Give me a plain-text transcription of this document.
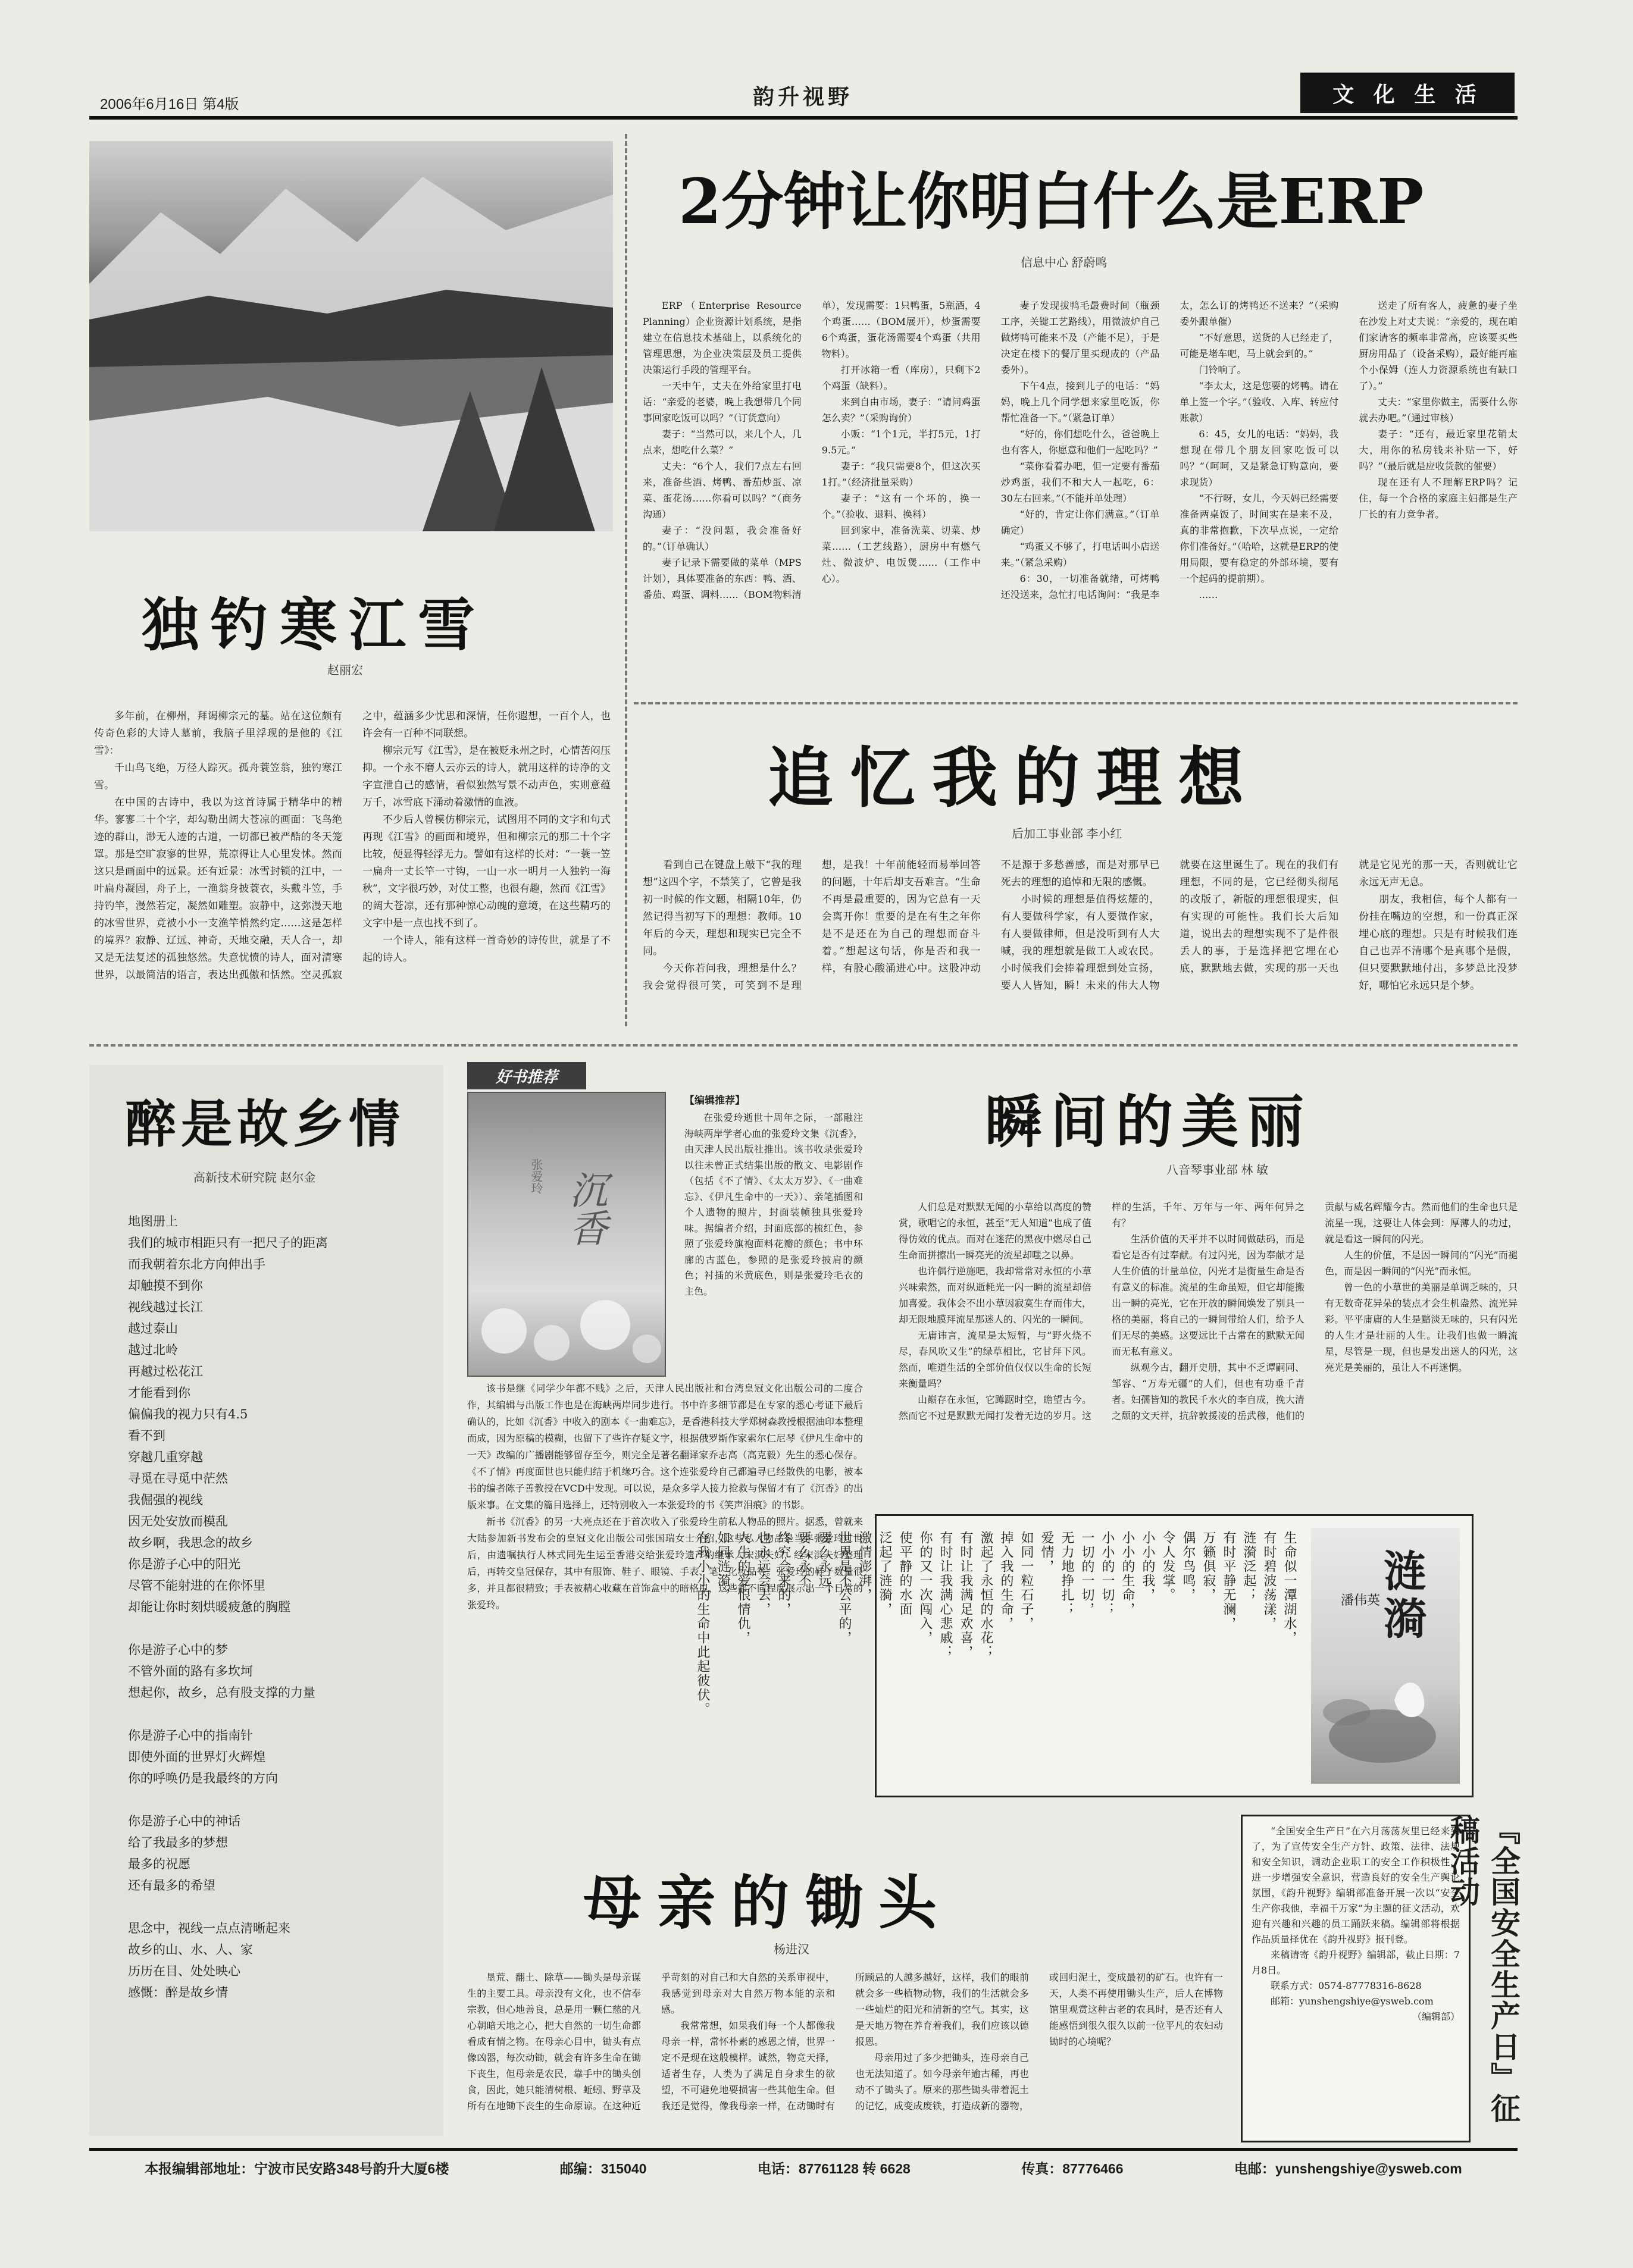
2006年6月16日 第4版	韵升视野	文 化 生 活
独钓寒江雪
赵丽宏

多年前，在柳州，拜谒柳宗元的墓。站在这位颇有传奇色彩的大诗人墓前，我脑子里浮现的是他的《江雪》：

千山鸟飞绝，万径人踪灭。孤舟蓑笠翁，独钓寒江雪。

在中国的古诗中，我以为这首诗属于精华中的精华。寥寥二十个字，却勾勒出阔大苍凉的画面：飞鸟绝迹的群山，渺无人迹的古道，一切都已被严酷的冬天笼罩。那是空旷寂寥的世界，荒凉得让人心里发怵。然而这只是画面中的远景。还有近景：冰雪封锁的江中，一叶扁舟凝固，舟子上，一渔翁身披蓑衣，头戴斗笠，手持钓竿，漫然若定，凝然如雕塑。寂静中，这弥漫天地的冰雪世界，竟被小小一支渔竿悄然约定……这是怎样的境界？寂静、辽远、神奇，天地交融，天人合一，却又是无法复述的孤独悠然。失意忧愤的诗人，面对清寒世界，以最简洁的语言，表达出孤傲和恬然。空灵孤寂之中，蕴涵多少忧思和深情，任你遐想，一百个人，也许会有一百种不同联想。

柳宗元写《江雪》，是在被贬永州之时，心情苦闷压抑。一个永不磨人云亦云的诗人，就用这样的诗净的文字宣泄自己的感情，看似独然写景不动声色，实则意蕴万千，冰雪底下涌动着激情的血液。

不少后人曾模仿柳宗元，试图用不同的文字和句式再现《江雪》的画面和境界，但和柳宗元的那二十个字比较，便显得轻浮无力。譬如有这样的长对：“一蓑一笠一扁舟一丈长竿一寸钩，一山一水一明月一人独钓一海秋”，文字很巧妙，对仗工整，也很有趣，然而《江雪》的阔大苍凉，还有那种惊心动魄的意境，在这些精巧的文字中是一点也找不到了。

一个诗人，能有这样一首奇妙的诗传世，就是了不起的诗人。

2分钟让你明白什么是ERP
信息中心 舒蔚鸣

ERP（Enterprise Resource Planning）企业资源计划系统，是指建立在信息技术基础上，以系统化的管理思想，为企业决策层及员工提供决策运行手段的管理平台。

一天中午，丈夫在外给家里打电话：“亲爱的老婆，晚上我想带几个同事回家吃饭可以吗？”（订货意向）

妻子：“当然可以，来几个人，几点来，想吃什么菜？”

丈夫：“6个人，我们7点左右回来，准备些酒、烤鸭、番茄炒蛋、凉菜、蛋花汤……你看可以吗？”（商务沟通）

妻子：“没问题，我会准备好的。”（订单确认）

妻子记录下需要做的菜单（MPS计划），具体要准备的东西：鸭、酒、番茄、鸡蛋、调料……（BOM物料清单），发现需要：1只鸭蛋，5瓶酒，4个鸡蛋……（BOM展开），炒蛋需要6个鸡蛋，蛋花汤需要4个鸡蛋（共用物料）。

打开冰箱一看（库房），只剩下2个鸡蛋（缺料）。

来到自由市场，妻子：“请问鸡蛋怎么卖？”（采购询价）

小贩：“1个1元，半打5元，1打9.5元。”

妻子：“我只需要8个，但这次买1打。”（经济批量采购）

妻子：“这有一个坏的，换一个。”（验收、退料、换料）

回到家中，准备洗菜、切菜、炒菜……（工艺线路），厨房中有燃气灶、微波炉、电饭煲……（工作中心）。

妻子发现拔鸭毛最费时间（瓶颈工序，关键工艺路线），用微波炉自己做烤鸭可能来不及（产能不足），于是决定在楼下的餐厅里买现成的（产品委外）。

下午4点，接到儿子的电话：“妈妈，晚上几个同学想来家里吃饭，你帮忙准备一下。”（紧急订单）

“好的，你们想吃什么，爸爸晚上也有客人，你愿意和他们一起吃吗？”

“菜你看着办吧，但一定要有番茄炒鸡蛋，我们不和大人一起吃，6：30左右回来。”（不能并单处理）

“好的，肯定让你们满意。”（订单确定）

“鸡蛋又不够了，打电话叫小店送来。”（紧急采购）

6：30，一切准备就绪，可烤鸭还没送来，急忙打电话询问：“我是李太，怎么订的烤鸭还不送来？”（采购委外跟单催）

“不好意思，送货的人已经走了，可能是堵车吧，马上就会到的。”

门铃响了。

“李太太，这是您要的烤鸭。请在单上签一个字。”（验收、入库、转应付账款）

6：45，女儿的电话：“妈妈，我想现在带几个朋友回家吃饭可以吗？”（呵呵，又是紧急订购意向，要求现货）

“不行呀，女儿，今天妈已经需要准备两桌饭了，时间实在是来不及，真的非常抱歉，下次早点说，一定给你们准备好。”（哈哈，这就是ERP的使用局限，要有稳定的外部环境，要有一个起码的提前期）。

……

送走了所有客人，疲惫的妻子坐在沙发上对丈夫说：“亲爱的，现在咱们家请客的频率非常高，应该要买些厨房用品了（设备采购），最好能再雇个小保姆（连人力资源系统也有缺口了）。”

丈夫：“家里你做主，需要什么你就去办吧。”（通过审核）

妻子：“还有，最近家里花销太大，用你的私房钱来补贴一下，好吗？”（最后就是应收货款的催要）

现在还有人不理解ERP吗？记住，每一个合格的家庭主妇都是生产厂长的有力竞争者。

追忆我的理想
后加工事业部 李小红

看到自己在键盘上敲下“我的理想”这四个字，不禁笑了，它曾是我初一时候的作文题，相隔10年，仍然记得当初写下的理想：教师。10年后的今天，理想和现实已完全不同。

今天你若问我，理想是什么？我会觉得很可笑，可笑到不是理想，是我！十年前能轻而易举回答的问题，十年后却支吾难言。“生命不再是最重要的，因为它总有一天会离开你！重要的是在有生之年你是不是还在为自己的理想而奋斗着。”想起这句话，你是否和我一样，有股心酸涌进心中。这股冲动不是源于多愁善感，而是对那早已死去的理想的追悼和无限的感慨。

小时候的理想是值得炫耀的，有人要做科学家，有人要做作家，有人要做律师，但是没听到有人大喊，我的理想就是做工人或农民。小时候我们会捧着理想到处宣扬，要人人皆知，瞬！未来的伟大人物就要在这里诞生了。现在的我们有理想，不同的是，它已经彻头彻尾的改版了，新版的理想很现实，但有实现的可能性。我们长大后知道，说出去的理想实现不了是件很丢人的事，于是选择把它埋在心底，默默地去做，实现的那一天也就是它见光的那一天，否则就让它永远无声无息。

朋友，我相信，每个人都有一份挂在嘴边的空想，和一份真正深埋心底的理想。只是有时候我们连自己也弄不清哪个是真哪个是假，但只要默默地付出，多梦总比没梦好，哪怕它永远只是个梦。

醉是故乡情
高新技术研究院 赵尔金
地图册上
我们的城市相距只有一把尺子的距离
而我朝着东北方向伸出手
却触摸不到你
视线越过长江
越过泰山
越过北岭
再越过松花江
才能看到你
偏偏我的视力只有4.5
看不到
穿越几重穿越
寻觅在寻觅中茫然
我倔强的视线
因无处安放而模乱
故乡啊，我思念的故乡
你是游子心中的阳光
尽管不能射进的在你怀里
却能让你时刻烘暖疲惫的胸膛
你是游子心中的梦
不管外面的路有多坎坷
想起你，故乡，总有股支撑的力量
你是游子心中的指南针
即使外面的世界灯火辉煌
你的呼唤仍是我最终的方向
你是游子心中的神话
给了我最多的梦想
最多的祝愿
还有最多的希望
思念中，视线一点点清晰起来
故乡的山、水、人、家
历历在目、处处映心
感慨：醉是故乡情
好书推荐
沉香
张爱玲
【编辑推荐】

在张爱玲逝世十周年之际，一部融注海峡两岸学者心血的张爱玲文集《沉香》，由天津人民出版社推出。该书收录张爱玲以往未曾正式结集出版的散文、电影剧作（包括《不了情》、《太太万岁》、《一曲难忘》、《伊凡生命中的一天》）、亲笔插图和个人遗物的照片，封面装帧独具张爱玲味。据编者介绍，封面底部的梳红色，参照了张爱玲旗袍面料花瓣的颜色；书中环廊的古蓝色，参照的是张爱玲披肩的颜色；衬插的米黄底色，则是张爱玲毛衣的主色。

该书是继《同学少年都不贱》之后，天津人民出版社和台湾皇冠文化出版公司的二度合作，其编辑与出版工作也是在海峡两岸同步进行。书中许多细节都是在专家的悉心考证下最后确认的，比如《沉香》中收入的剧本《一曲难忘》，是香港科技大学郑树森教授根据油印本整理而成，因为原稿的模糊，也留下了些许存疑文字，根据俄罗斯作家索尔仁尼琴《伊凡生命中的一天》改编的广播剧能够留存至今，则完全是著名翻译家乔志高（高克毅）先生的悉心保存。《不了情》再度面世也只能归结于机缘巧合。这个连张爱玲自己都遍寻已经散佚的电影，被本书的编者陈子善教授在VCD中发现。可以说，是众多学人接力抢救与保留才有了《沉香》的出版来事。在文集的篇目选择上，还特别收入一本张爱玲的书《笑声泪痕》的书影。

新书《沉香》的另一大亮点还在于首次收入了张爱玲生前私人物品的照片。据悉，曾就来大陆参加新书发布会的皇冠文化出版公司张国瑞女士介绍，这些私人物品是当年张爱玲过世后，由遗嘱执行人林式同先生运至香港交给张爱玲遗产的继承人宋淇夫妇，经宋淇夫妇整理后，再转交皇冠保存，其中有服饰、鞋子、眼镜、手表、笔、化妆品等。张爱玲的鞋子数量很多，并且都很精致；手表被精心收藏在首饰盒中的暗格里，这些都不同程度展示出一个日常的张爱玲。

瞬间的美丽
八音琴事业部 林 敏

人们总是对默默无闻的小草给以高度的赞赏，歌唱它的永恒，甚至“无人知道”也成了值得仿效的优点。而对在迷茫的黑夜中燃尽自己生命而拼擦出一瞬亮光的流星却嗤之以鼻。

也许偶行逆施吧，我却常常对永恒的小草兴味索然，而对纵逝耗光一闪一瞬的流星却倍加喜爱。我体会不出小草因寂寞生存而伟大，却无限地膜拜流星那迷人的、闪光的一瞬间。

无庸讳言，流星是太短暂，与“野火烧不尽，春风吹又生”的绿草相比，它甘拜下风。然而，唯道生活的全部价值仅仅以生命的长短来衡量吗？

山巅存在永恒，它蹲踞时空，瞻望古今。然而它不过是默默无闻打发着无边的岁月。这样的生活，千年、万年与一年、两年何异之有？

生活价值的天平并不以时间做砝码，而是看它是否有过奉献。有过闪光，因为奉献才是人生价值的计量单位，闪光才是衡量生命是否有意义的标准。流星的生命虽短，但它却能搬出一瞬的亮光，它在开放的瞬间焕发了别具一格的美丽，将自己的一瞬间带给人们，给予人们无尽的美感。这要远比千古常在的默默无闻而无私有意义。

纵观今古，翻开史册，其中不乏谭嗣同、邹容、“万寿无疆”的人们，但也有功垂千青者。妇孺皆知的教民千水火的李自成，挽大清之颓的文天祥，抗辞敦援凌的岳武穆，他们的贡献与威名辉耀今古。然而他们的生命也只是流星一现，这要让人体会到：厚薄人的功过，就是看这一瞬间的闪光。

人生的价值，不是因一瞬间的“闪光”而褪色，而是因一瞬间的“闪光”而永恒。

曾一色的小草世的美丽是单调乏味的，只有无数奇花异朵的装点才会生机盎然、流光异彩。平平庸庸的人生是黯淡无味的，只有闪光的人生才是壮丽的人生。让我们也做一瞬流星，尽管是一现，但也是发出迷人的闪光，这亮光是美丽的，虽让人不再迷惘。

生命似一潭湖水，
有时碧波荡漾，
涟漪泛起；
有时平静无澜，
万籁俱寂，
偶尔鸟鸣，
令人发掌。
小小的我，
小小的生命，
小小的一切；
一切的一切，
无力地挣扎；
爱情，
如同一粒石子，
掉入我的生命，
激起了永恒的水花；
有时让我满足欢喜，
有时让我满心悲戚；
你的又一次闯入，
使平静的水面
泛起了涟漪，
激情澎湃，
世界是不公平的，
要么永远，
要么永不。
终究会来的，
也永远会去，
人生的爱恨情仇，
如同涟漪，
在我小小的生命中此起彼伏。	涟漪
潘伟英
母亲的锄头
杨进汉

垦荒、翻土、除草——锄头是母亲谋生的主要工具。母亲没有文化，也不信奉宗教，但心地善良，总是用一颗仁慈的凡心朝暗天地之心，把大自然的一切生命都看成有情之物。在母亲心目中，锄头有点像凶器，每次动锄，就会有许多生命在锄下丧生，但母亲是农民，靠手中的锄头创食，因此，她只能清树根、蚯蚓、野草及所有在地锄下丧生的生命原谅。在这种近乎苛刻的对自己和大自然的关系审视中，我感觉到母亲对大自然万物本能的亲和感。

我常常想，如果我们每一个人都像我母亲一样，常怀朴素的感恩之情，世界一定不是现在这般模样。诚然，物竞天择，适者生存，人类为了满足自身求生的欲望，不可避免地要损害一些其他生命。但我还是觉得，像我母亲一样，在动锄时有所顾忌的人越多越好，这样，我们的眼前就会多一些植物动物，我们的生活就会多一些灿烂的阳光和清新的空气。其实，这是天地万物在养育着我们，我们应该以德报恩。

母亲用过了多少把锄头，连母亲自己也无法知道了。如今母亲年逾古稀，再也动不了锄头了。原来的那些锄头带着泥土的记忆，成变成废铁，打造成新的器物，或回归泥土，变成最初的矿石。也许有一天，人类不再使用锄头生产，后人在博物馆里观赏这种古老的农具时，是否还有人能感悟到很久很久以前一位平凡的农妇动锄时的心境呢？

“全国安全生产日”在六月荡荡灰里已经来到了，为了宣传安全生产方针、政策、法律、法规和安全知识，调动企业职工的安全工作积极性，进一步增强安全意识，营造良好的安全生产舆论氛围，《韵升视野》编辑部准备开展一次以“安全生产你我他，幸福千万家”为主题的征文活动，欢迎有兴趣和兴趣的员工踊跃来稿。编辑部将根据作品质量择优在《韵升视野》报刊登。

来稿请寄《韵升视野》编辑部，截止日期：7月8日。

联系方式：0574-87778316-8628

邮箱：yunshengshiye@ysweb.com

（编辑部） 『全国安全生产日』征稿活动
本报编辑部地址：宁波市民安路348号韵升大厦6楼	邮编：315040	电话：87761128 转 6628	传真：87776466	电邮：yunshengshiye@ysweb.com
